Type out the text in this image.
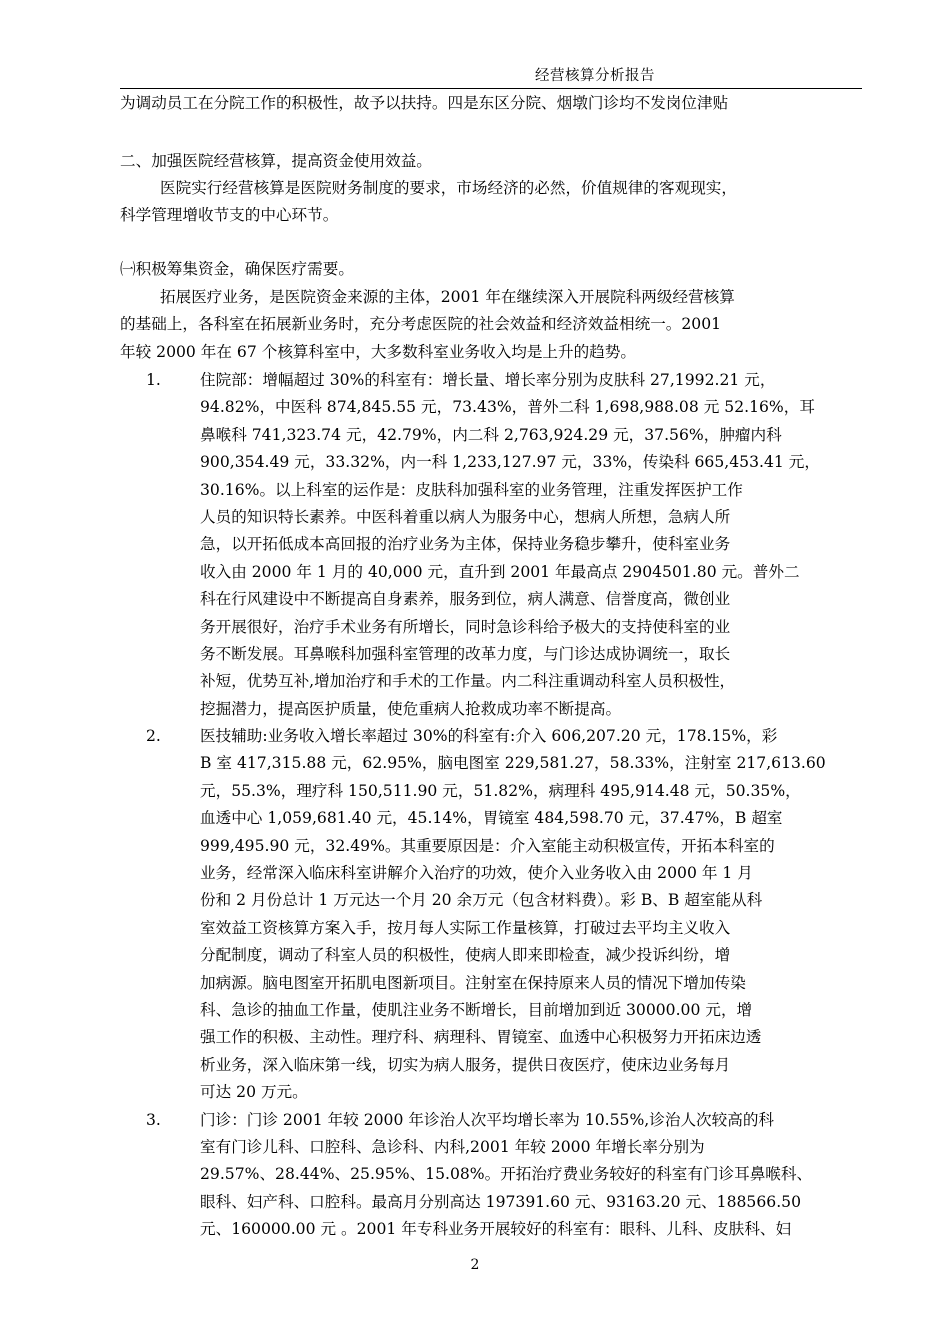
经营核算分析报告
为调动员工在分院工作的积极性，故予以扶持。四是东区分院、烟墩门诊均不发岗位津贴
二、加强医院经营核算，提高资金使用效益。
医院实行经营核算是医院财务制度的要求，市场经济的必然，价值规律的客观现实，
科学管理增收节支的中心环节。
㈠积极筹集资金，确保医疗需要。
拓展医疗业务，是医院资金来源的主体，2001 年在继续深入开展院科两级经营核算
的基础上，各科室在拓展新业务时，充分考虑医院的社会效益和经济效益相统一。2001
年较 2000 年在 67 个核算科室中，大多数科室业务收入均是上升的趋势。
1.	住院部：增幅超过 30%的科室有：增长量、增长率分别为皮肤科 27,1992.21 元，
94.82%，中医科 874,845.55 元，73.43%，普外二科 1,698,988.08 元 52.16%，耳
鼻喉科 741,323.74 元，42.79%，内二科 2,763,924.29 元，37.56%，肿瘤内科
900,354.49 元，33.32%，内一科 1,233,127.97 元，33%，传染科 665,453.41 元，
30.16%。以上科室的运作是：皮肤科加强科室的业务管理，注重发挥医护工作
人员的知识特长素养。中医科着重以病人为服务中心，想病人所想，急病人所
急，以开拓低成本高回报的治疗业务为主体，保持业务稳步攀升，使科室业务
收入由 2000 年 1 月的 40,000 元，直升到 2001 年最高点 2904501.80 元。普外二
科在行风建设中不断提高自身素养，服务到位，病人满意、信誉度高，微创业
务开展很好，治疗手术业务有所增长，同时急诊科给予极大的支持使科室的业
务不断发展。耳鼻喉科加强科室管理的改革力度，与门诊达成协调统一，取长
补短，优势互补,增加治疗和手术的工作量。内二科注重调动科室人员积极性，
挖掘潜力，提高医护质量，使危重病人抢救成功率不断提高。
2.	医技辅助:业务收入增长率超过 30%的科室有:介入 606,207.20 元，178.15%，彩
B 室 417,315.88 元，62.95%，脑电图室 229,581.27，58.33%，注射室 217,613.60
元，55.3%，理疗科 150,511.90 元，51.82%，病理科 495,914.48 元，50.35%，
血透中心 1,059,681.40 元，45.14%，胃镜室 484,598.70 元，37.47%，B 超室
999,495.90 元，32.49%。其重要原因是：介入室能主动积极宣传，开拓本科室的
业务，经常深入临床科室讲解介入治疗的功效，使介入业务收入由 2000 年 1 月
份和 2 月份总计 1 万元达一个月 20 余万元（包含材料费）。彩 B、B 超室能从科
室效益工资核算方案入手，按月每人实际工作量核算，打破过去平均主义收入
分配制度，调动了科室人员的积极性，使病人即来即检查，减少投诉纠纷，增
加病源。脑电图室开拓肌电图新项目。注射室在保持原来人员的情况下增加传染
科、急诊的抽血工作量，使肌注业务不断增长，目前增加到近 30000.00 元，增
强工作的积极、主动性。理疗科、病理科、胃镜室、血透中心积极努力开拓床边透
析业务，深入临床第一线，切实为病人服务，提供日夜医疗，使床边业务每月
可达 20 万元。
3.	门诊：门诊 2001 年较 2000 年诊治人次平均增长率为 10.55%,诊治人次较高的科
室有门诊儿科、口腔科、急诊科、内科,2001 年较 2000 年增长率分别为
29.57%、28.44%、25.95%、15.08%。开拓治疗费业务较好的科室有门诊耳鼻喉科、
眼科、妇产科、口腔科。最高月分别高达 197391.60 元、93163.20 元、188566.50
元、160000.00 元 。2001 年专科业务开展较好的科室有：眼科、儿科、皮肤科、妇
2
